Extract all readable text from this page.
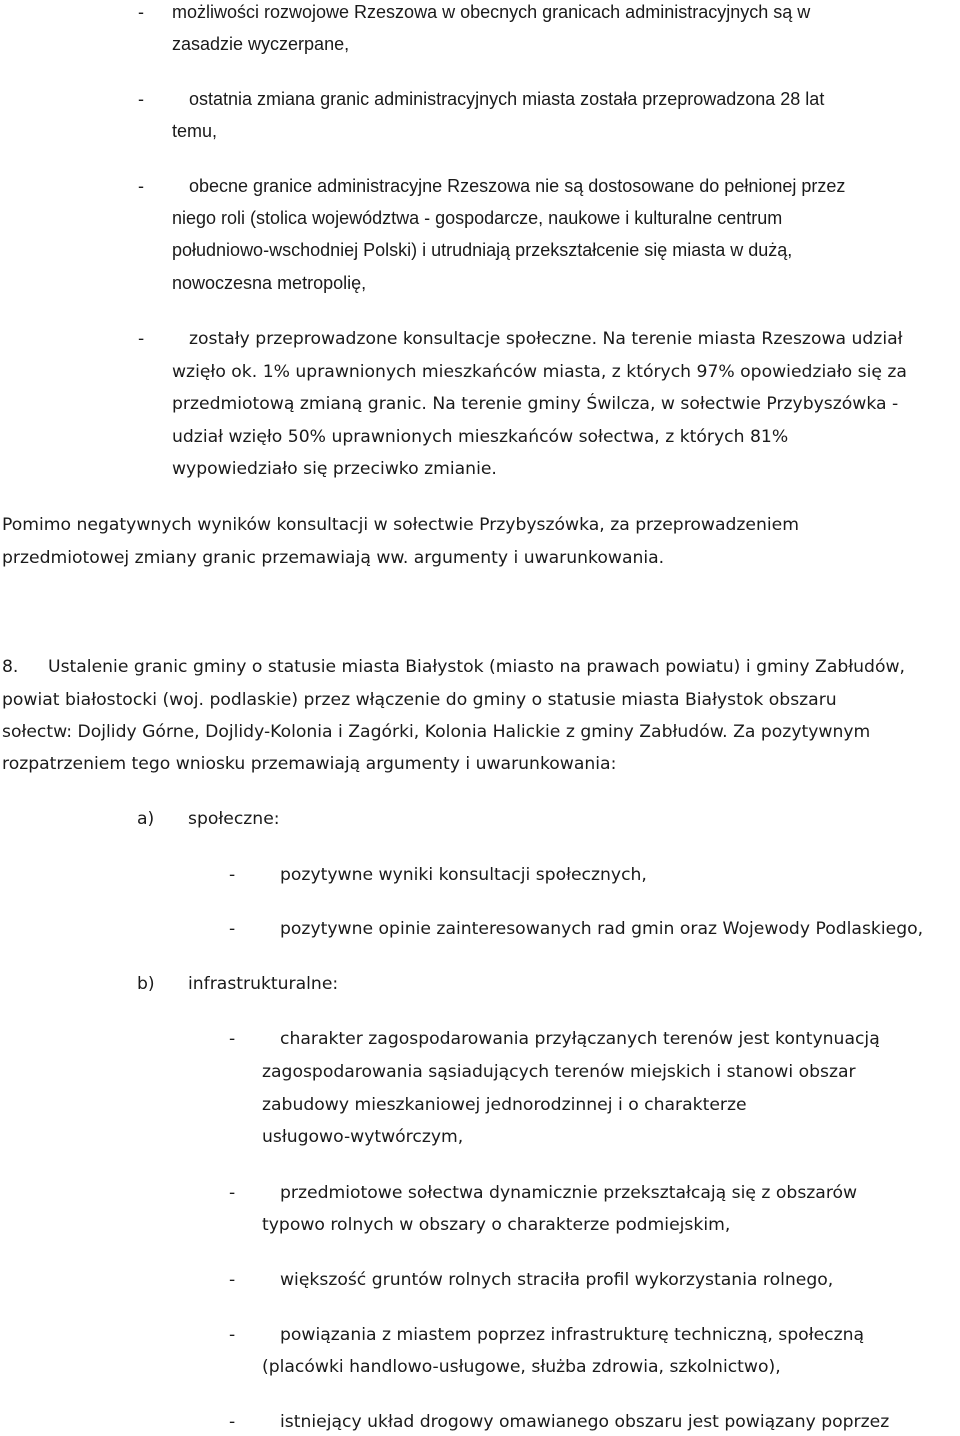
- możliwości rozwojowe Rzeszowa w obecnych granicach administracyjnych są w
zasadzie wyczerpane,
-	ostatnia zmiana granic administracyjnych miasta została przeprowadzona 28 lat
temu,
-	obecne granice administracyjne Rzeszowa nie są dostosowane do pełnionej przez
niego roli (stolica województwa - gospodarcze, naukowe i kulturalne centrum
południowo-wschodniej Polski) i utrudniają przekształcenie się miasta w dużą,
nowoczesna metropolię,
-	zostały przeprowadzone konsultacje społeczne. Na terenie miasta Rzeszowa udział
wzięło ok. 1% uprawnionych mieszkańców miasta, z których 97% opowiedziało się za
przedmiotową zmianą granic. Na terenie gminy Świlcza, w sołectwie Przybyszówka -
udział wzięło 50% uprawnionych mieszkańców sołectwa, z których 81%
wypowiedziało się przeciwko zmianie.
Pomimo negatywnych wyników konsultacji w sołectwie Przybyszówka, za przeprowadzeniem
przedmiotowej zmiany granic przemawiają ww. argumenty i uwarunkowania.
8. Ustalenie granic gminy o statusie miasta Białystok (miasto na prawach powiatu) i gminy Zabłudów,
powiat białostocki (woj. podlaskie) przez włączenie do gminy o statusie miasta Białystok obszaru
sołectw: Dojlidy Górne, Dojlidy-Kolonia i Zagórki, Kolonia Halickie z gminy Zabłudów. Za pozytywnym
rozpatrzeniem tego wniosku przemawiają argumenty i uwarunkowania:
a) społeczne:
-	pozytywne wyniki konsultacji społecznych,
-	pozytywne opinie zainteresowanych rad gmin oraz Wojewody Podlaskiego,
b) infrastrukturalne:
-	charakter zagospodarowania przyłączanych terenów jest kontynuacją
zagospodarowania sąsiadujących terenów miejskich i stanowi obszar
zabudowy mieszkaniowej jednorodzinnej i o charakterze
usługowo-wytwórczym,
-	przedmiotowe sołectwa dynamicznie przekształcają się z obszarów
typowo rolnych w obszary o charakterze podmiejskim,
-	większość gruntów rolnych straciła profil wykorzystania rolnego,
-	powiązania z miastem poprzez infrastrukturę techniczną, społeczną
(placówki handlowo-usługowe, służba zdrowia, szkolnictwo),
-	istniejący układ drogowy omawianego obszaru jest powiązany poprzez
